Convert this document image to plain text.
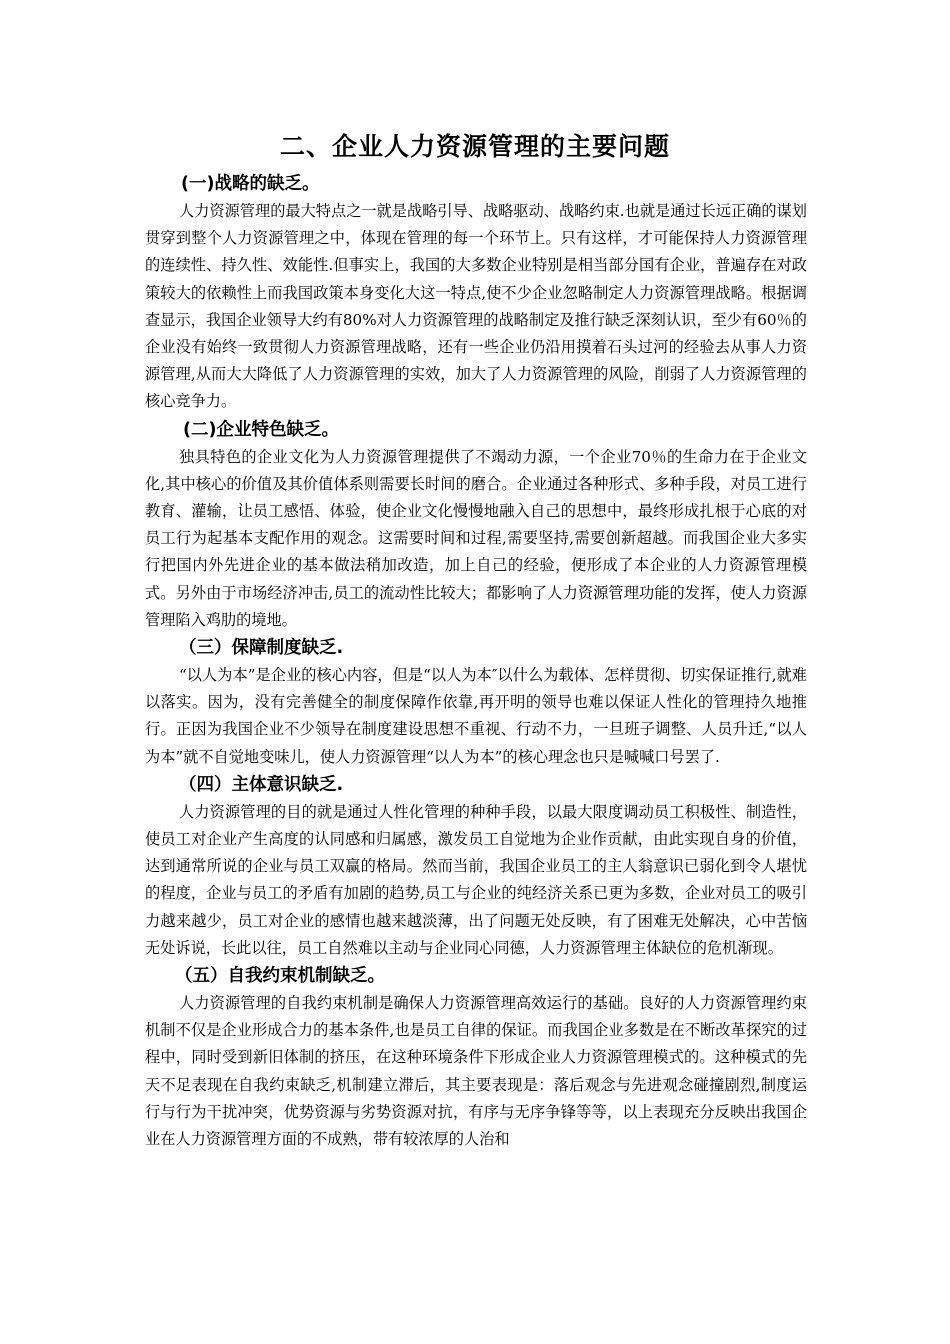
二、企业人力资源管理的主要问题
(一)战略的缺乏。

人力资源管理的最大特点之一就是战略引导、战略驱动、战略约束.也就是通过长远正确的谋划贯穿到整个人力资源管理之中，体现在管理的每一个环节上。只有这样，才可能保持人力资源管理的连续性、持久性、效能性.但事实上，我国的大多数企业特别是相当部分国有企业，普遍存在对政策较大的依赖性上而我国政策本身变化大这一特点,使不少企业忽略制定人力资源管理战略。根据调查显示，我国企业领导大约有80%对人力资源管理的战略制定及推行缺乏深刻认识，至少有60％的企业没有始终一致贯彻人力资源管理战略，还有一些企业仍沿用摸着石头过河的经验去从事人力资源管理,从而大大降低了人力资源管理的实效，加大了人力资源管理的风险，削弱了人力资源管理的核心竞争力。

(二)企业特色缺乏。

独具特色的企业文化为人力资源管理提供了不竭动力源，一个企业70％的生命力在于企业文化,其中核心的价值及其价值体系则需要长时间的磨合。企业通过各种形式、多种手段，对员工进行教育、灌输，让员工感悟、体验，使企业文化慢慢地融入自己的思想中，最终形成扎根于心底的对员工行为起基本支配作用的观念。这需要时间和过程,需要坚持,需要创新超越。而我国企业大多实行把国内外先进企业的基本做法稍加改造，加上自己的经验，便形成了本企业的人力资源管理模式。另外由于市场经济冲击,员工的流动性比较大；都影响了人力资源管理功能的发挥，使人力资源管理陷入鸡肋的境地。

（三）保障制度缺乏.

“以人为本”是企业的核心内容，但是“以人为本″以什么为载体、怎样贯彻、切实保证推行,就难以落实。因为，没有完善健全的制度保障作依靠,再开明的领导也难以保证人性化的管理持久地推行。正因为我国企业不少领导在制度建设思想不重视、行动不力，一旦班子调整、人员升迁,“以人为本”就不自觉地变味儿，使人力资源管理“以人为本”的核心理念也只是喊喊口号罢了.

（四）主体意识缺乏.

人力资源管理的目的就是通过人性化管理的种种手段，以最大限度调动员工积极性、制造性，使员工对企业产生高度的认同感和归属感，激发员工自觉地为企业作贡献，由此实现自身的价值，达到通常所说的企业与员工双赢的格局。然而当前，我国企业员工的主人翁意识已弱化到令人堪忧的程度，企业与员工的矛盾有加剧的趋势,员工与企业的纯经济关系已更为多数，企业对员工的吸引力越来越少，员工对企业的感情也越来越淡薄，出了问题无处反映，有了困难无处解决，心中苦恼无处诉说，长此以往，员工自然难以主动与企业同心同德，人力资源管理主体缺位的危机渐现。

（五）自我约束机制缺乏。

人力资源管理的自我约束机制是确保人力资源管理高效运行的基础。良好的人力资源管理约束机制不仅是企业形成合力的基本条件,也是员工自律的保证。而我国企业多数是在不断改革探究的过程中，同时受到新旧体制的挤压，在这种环境条件下形成企业人力资源管理模式的。这种模式的先天不足表现在自我约束缺乏,机制建立滞后，其主要表现是：落后观念与先进观念碰撞剧烈,制度运行与行为干扰冲突，优势资源与劣势资源对抗，有序与无序争锋等等，以上表现充分反映出我国企业在人力资源管理方面的不成熟，带有较浓厚的人治和
